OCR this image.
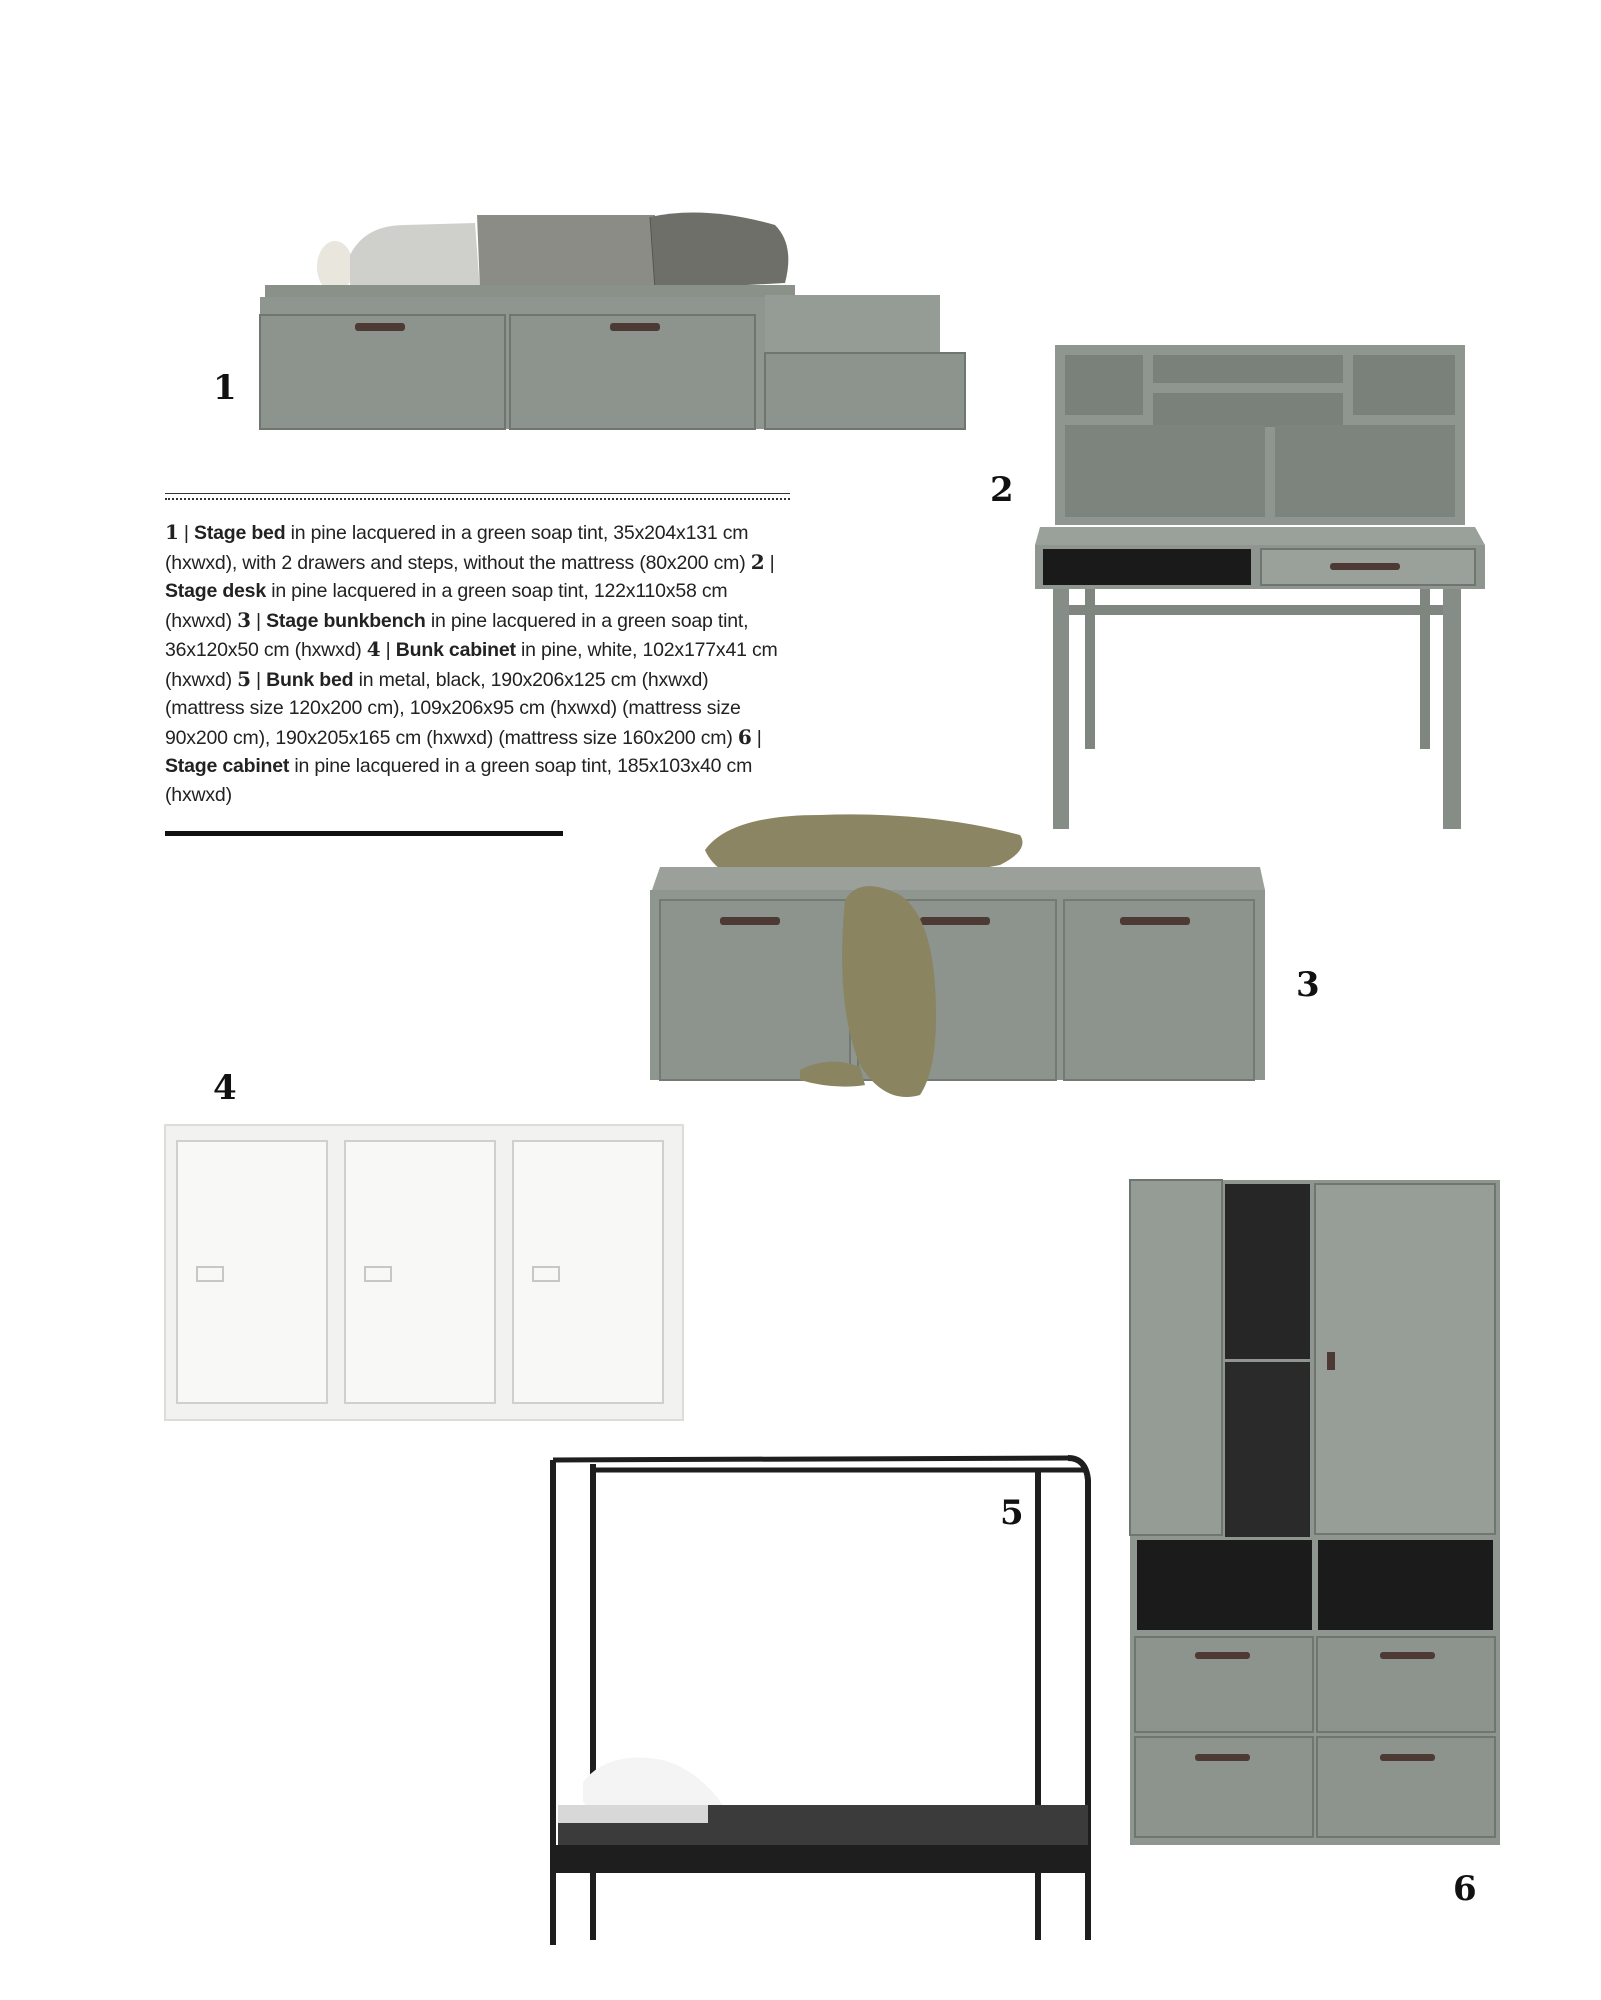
1 | Stage bed in pine lacquered in a green soap tint, 35x204x131 cm (hxwxd), with 2 drawers and steps, without the mattress (80x200 cm) 2 | Stage desk in pine lacquered in a green soap tint, 122x110x58 cm (hxwxd) 3 | Stage bunkbench in pine lacquered in a green soap tint, 36x120x50 cm (hxwxd) 4 | Bunk cabinet in pine, white, 102x177x41 cm (hxwxd) 5 | Bunk bed in metal, black, 190x206x125 cm (hxwxd) (mattress size 120x200 cm), 109x206x95 cm (hxwxd) (mattress size 90x200 cm), 190x205x165 cm (hxwxd) (mattress size 160x200 cm) 6 | Stage cabinet in pine lacquered in a green soap tint, 185x103x40 cm (hxwxd)
1
2
3
4
5
6
